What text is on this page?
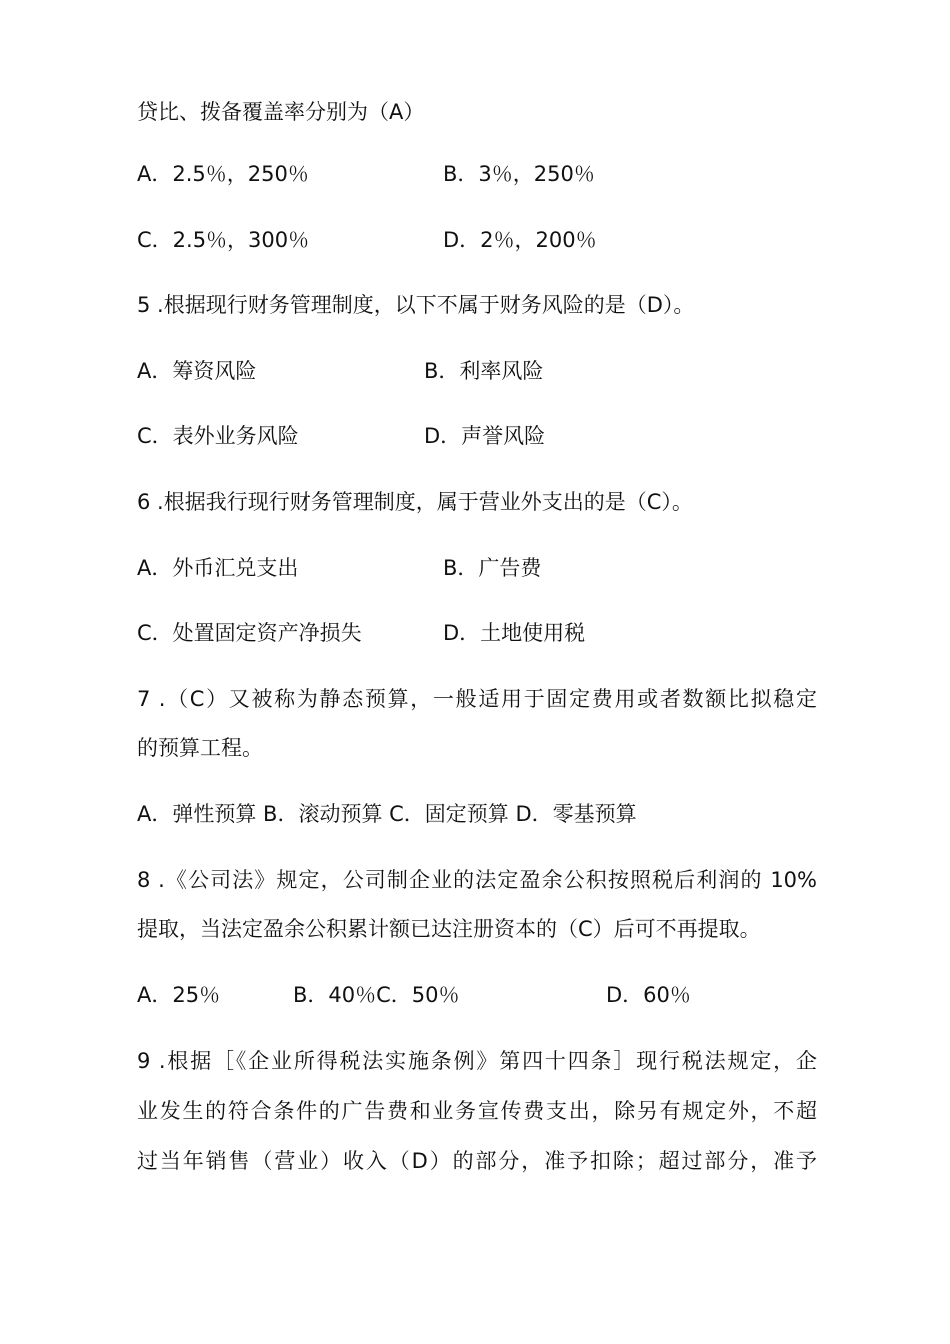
贷比、拨备覆盖率分别为（A）
A．2.5％，250％	B．3％，250％
C．2.5％，300％	D．2％，200％
5 .根据现行财务管理制度，以下不属于财务风险的是（D）。
A．筹资风险	B．利率风险
C．表外业务风险	D．声誉风险
6 .根据我行现行财务管理制度，属于营业外支出的是（C）。
A．外币汇兑支出	B．广告费
C．处置固定资产净损失	D．土地使用税
7 .（C）又被称为静态预算，一般适用于固定费用或者数额比拟稳定
的预算工程。
A．弹性预算 B．滚动预算 C．固定预算 D．零基预算
8 .《公司法》规定，公司制企业的法定盈余公积按照税后利润的 10%
提取，当法定盈余公积累计额已达注册资本的（C）后可不再提取。
A．25％	B．40％C．50％	D．60％
9 .根据［《企业所得税法实施条例》第四十四条］现行税法规定，企
业发生的符合条件的广告费和业务宣传费支出，除另有规定外，不超
过当年销售（营业）收入（D）的部分，准予扣除；超过部分，准予
